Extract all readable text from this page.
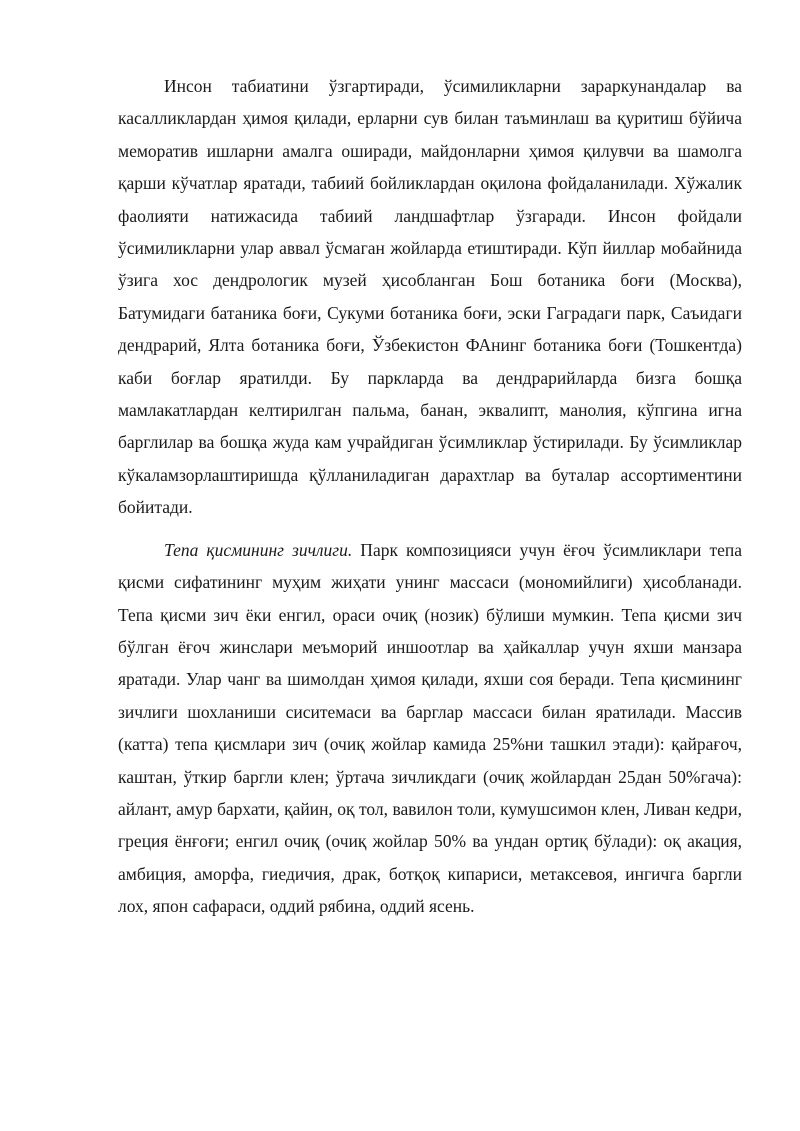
Инсон табиатини ўзгартиради, ўсимиликларни зараркунандалар ва касалликлардан ҳимоя қилади, ерларни сув билан таъминлаш ва қуритиш бўйича меморатив ишларни амалга оширади, майдонларни ҳимоя қилувчи ва шамолга қарши кўчатлар яратади, табиий бойликлардан оқилона фойдаланилади. Хўжалик фаолияти натижасида табиий ландшафтлар ўзгаради. Инсон фойдали ўсимиликларни улар аввал ўсмаган жойларда етиштиради. Кўп йиллар мобайнида ўзига хос дендрологик музей ҳисобланган Бош ботаника боғи (Москва), Батумидаги батаника боғи, Сукуми ботаника боғи, эски Гаградаги парк, Саъидаги дендрарий, Ялта ботаника боғи, Ўзбекистон ФАнинг ботаника боғи (Тошкентда) каби боғлар яратилди. Бу паркларда ва дендрарийларда бизга бошқа мамлакатлардан келтирилган пальма, банан, эквалипт, манолия, кўпгина игна барглилар ва бошқа жуда кам учрайдиган ўсимликлар ўстирилади. Бу ўсимликлар кўкаламзорлаштиришда қўлланиладиган дарахтлар ва буталар ассортиментини бойитади.

Тепа қисмининг зичлиги. Парк композицияси учун ёғоч ўсимликлари тепа қисми сифатининг муҳим жиҳати унинг массаси (мономийлиги) ҳисобланади. Тепа қисми зич ёки енгил, ораси очиқ (нозик) бўлиши мумкин. Тепа қисми зич бўлган ёғоч жинслари меъморий иншоотлар ва ҳайкаллар учун яхши манзара яратади. Улар чанг ва шимолдан ҳимоя қилади, яхши соя беради. Тепа қисмининг зичлиги шохланиши сиситемаси ва барглар массаси билан яратилади. Массив (катта) тепа қисмлари зич (очиқ жойлар камида 25%ни ташкил этади): қайрағоч, каштан, ўткир баргли клен; ўртача зичликдаги (очиқ жойлардан 25дан 50%гача): айлант, амур бархати, қайин, оқ тол, вавилон толи, кумушсимон клен, Ливан кедри, греция ёнғоғи; енгил очиқ (очиқ жойлар 50% ва ундан ортиқ бўлади): оқ акация, амбиция, аморфа, гиедичия, драк, ботқоқ кипариси, метаксевоя, ингичга баргли лох, япон сафараси, оддий рябина, оддий ясень.
